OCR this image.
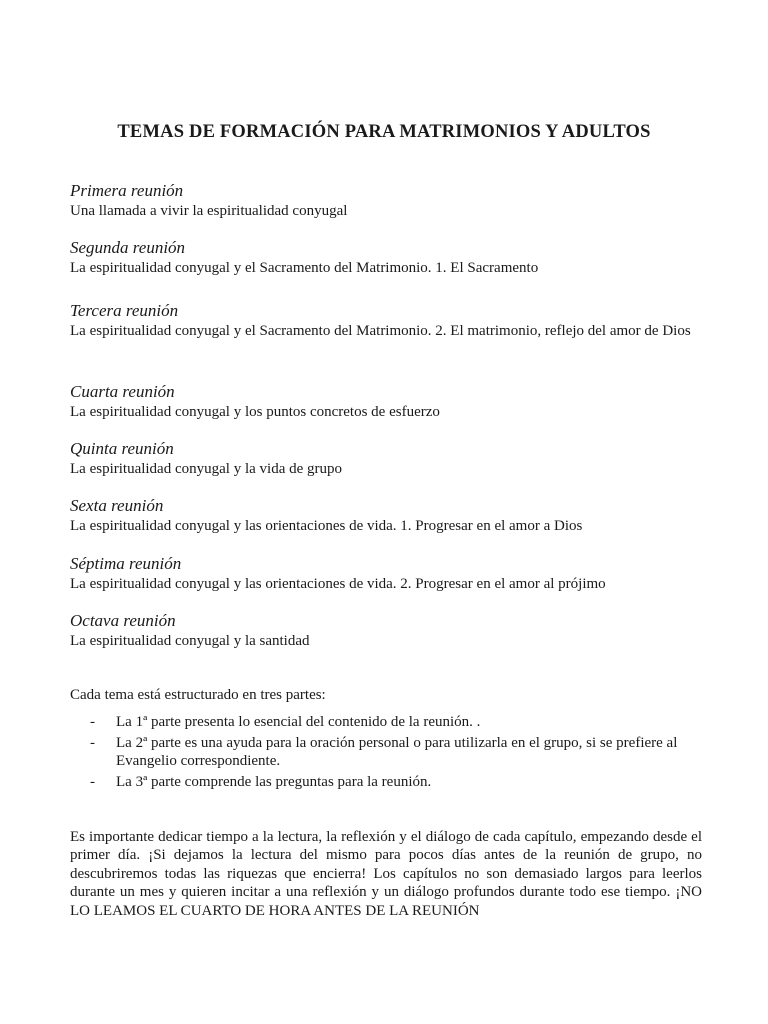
TEMAS DE FORMACIÓN PARA MATRIMONIOS Y ADULTOS
Primera reunión

Una llamada a vivir la espiritualidad conyugal

Segunda reunión

La espiritualidad conyugal y el Sacramento del Matrimonio. 1. El Sacramento

Tercera reunión

La espiritualidad conyugal y el Sacramento del Matrimonio. 2. El matrimonio, reflejo del amor de Dios

Cuarta reunión

La espiritualidad conyugal y los puntos concretos de esfuerzo

Quinta reunión

La espiritualidad conyugal y la vida de grupo

Sexta reunión

La espiritualidad conyugal y las orientaciones de vida. 1. Progresar en el amor a Dios

Séptima reunión

La espiritualidad conyugal y las orientaciones de vida. 2. Progresar en el amor al prójimo

Octava reunión

La espiritualidad conyugal y la santidad

Cada tema está estructurado en tres partes:

- La 1ª parte presenta lo esencial del contenido de la reunión. .
- La 2ª parte es una ayuda para la oración personal o para utilizarla en el grupo, si se prefiere al Evangelio correspondiente.
- La 3ª parte comprende las preguntas para la reunión.

Es importante dedicar tiempo a la lectura, la reflexión y el diálogo de cada capítulo, empezando desde el primer día. ¡Si dejamos la lectura del mismo para pocos días antes de la reunión de grupo, no descubriremos todas las riquezas que encierra! Los capítulos no son demasiado largos para leerlos durante un mes y quieren incitar a una reflexión y un diálogo profundos durante todo ese tiempo. ¡NO LO LEAMOS EL CUARTO DE HORA ANTES DE LA REUNIÓN
